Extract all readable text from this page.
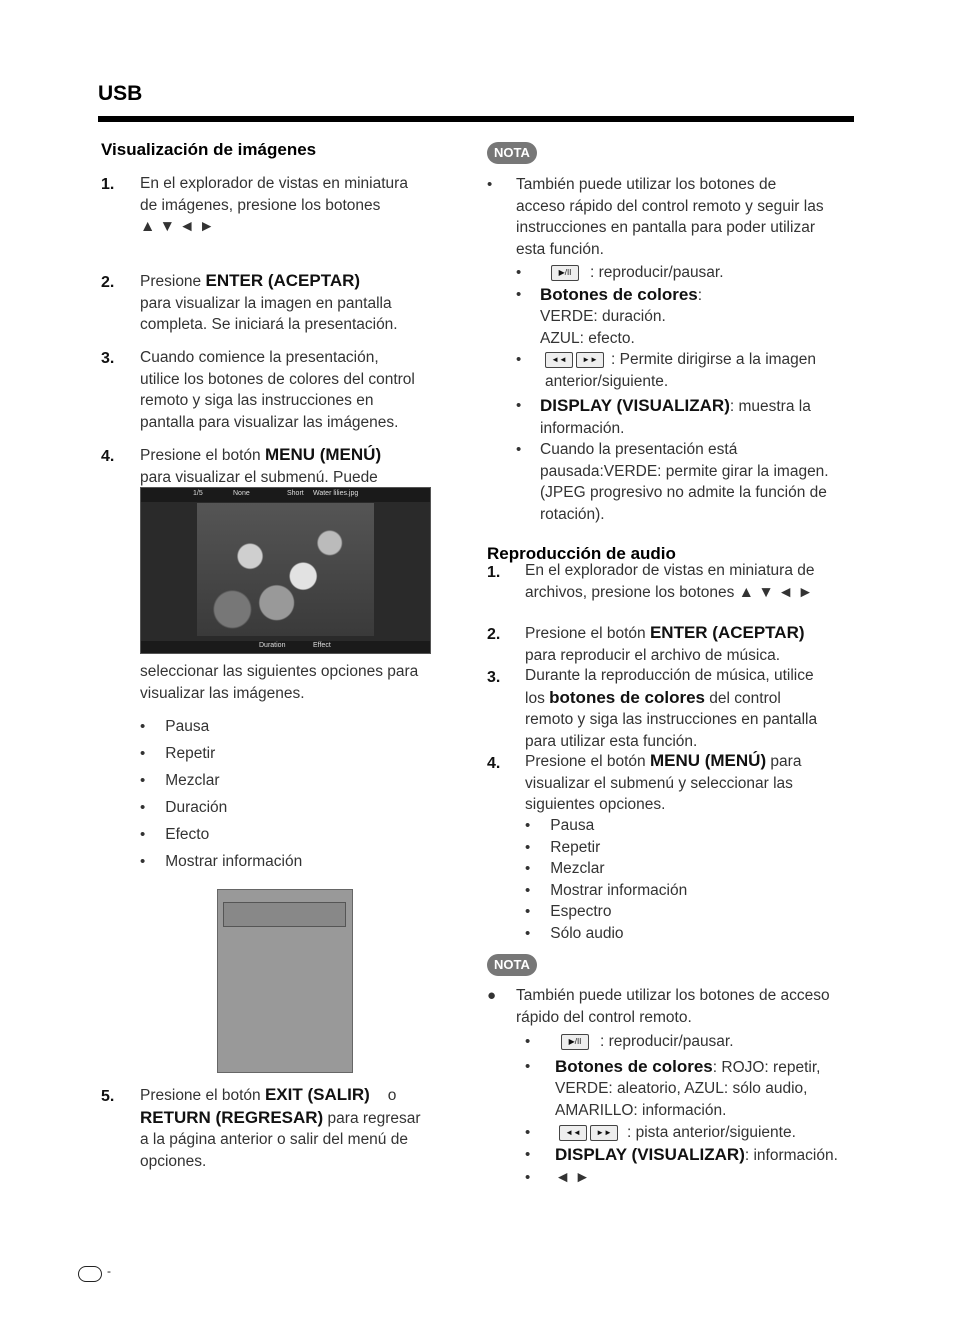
USB
Visualización de imágenes
1. En el explorador de vistas en miniatura
de imágenes, presione los botones
▲ ▼ ◄ ►
2. Presione ENTER (ACEPTAR)
para visualizar la imagen en pantalla
completa. Se iniciará la presentación.
3. Cuando comience la presentación,
utilice los botones de colores del control
remoto y siga las instrucciones en
pantalla para visualizar las imágenes.
4. Presione el botón MENU (MENÚ)
para visualizar el submenú. Puede
1/5	None	Short Water lilies.jpg
Duration	Effect
seleccionar las siguientes opciones para
visualizar las imágenes.
• Pausa
• Repetir
• Mezclar
• Duración
• Efecto
• Mostrar información
5. Presione el botón EXIT (SALIR) o
RETURN (REGRESAR) para regresar
a la página anterior o salir del menú de
opciones.
NOTA
•	También puede utilizar los botones de
acceso rápido del control remoto y seguir las
instrucciones en pantalla para poder utilizar
esta función.
•	▶/II : reproducir/pausar.
•	Botones de colores:
VERDE: duración.
AZUL: efecto.
•	◄◄ ►► : Permite dirigirse a la imagen
anterior/siguiente.
•	DISPLAY (VISUALIZAR): muestra la
información.
•	Cuando la presentación está
pausada:VERDE: permite girar la imagen.
(JPEG progresivo no admite la función de
rotación).
Reproducción de audio
1. En el explorador de vistas en miniatura de
archivos, presione los botones ▲ ▼ ◄ ►
2. Presione el botón ENTER (ACEPTAR)
para reproducir el archivo de música.
3. Durante la reproducción de música, utilice
los botones de colores del control
remoto y siga las instrucciones en pantalla
para utilizar esta función.
4. Presione el botón MENU (MENÚ) para
visualizar el submenú y seleccionar las
siguientes opciones.
• Pausa
• Repetir
• Mezclar
• Mostrar información
• Espectro
• Sólo audio
NOTA
●	También puede utilizar los botones de acceso
rápido del control remoto.
•	▶/II : reproducir/pausar.
•	Botones de colores: ROJO: repetir,
VERDE: aleatorio, AZUL: sólo audio,
AMARILLO: información.
•	◄◄ ►► : pista anterior/siguiente.
•	DISPLAY (VISUALIZAR): información.
•	◄ ►
-
